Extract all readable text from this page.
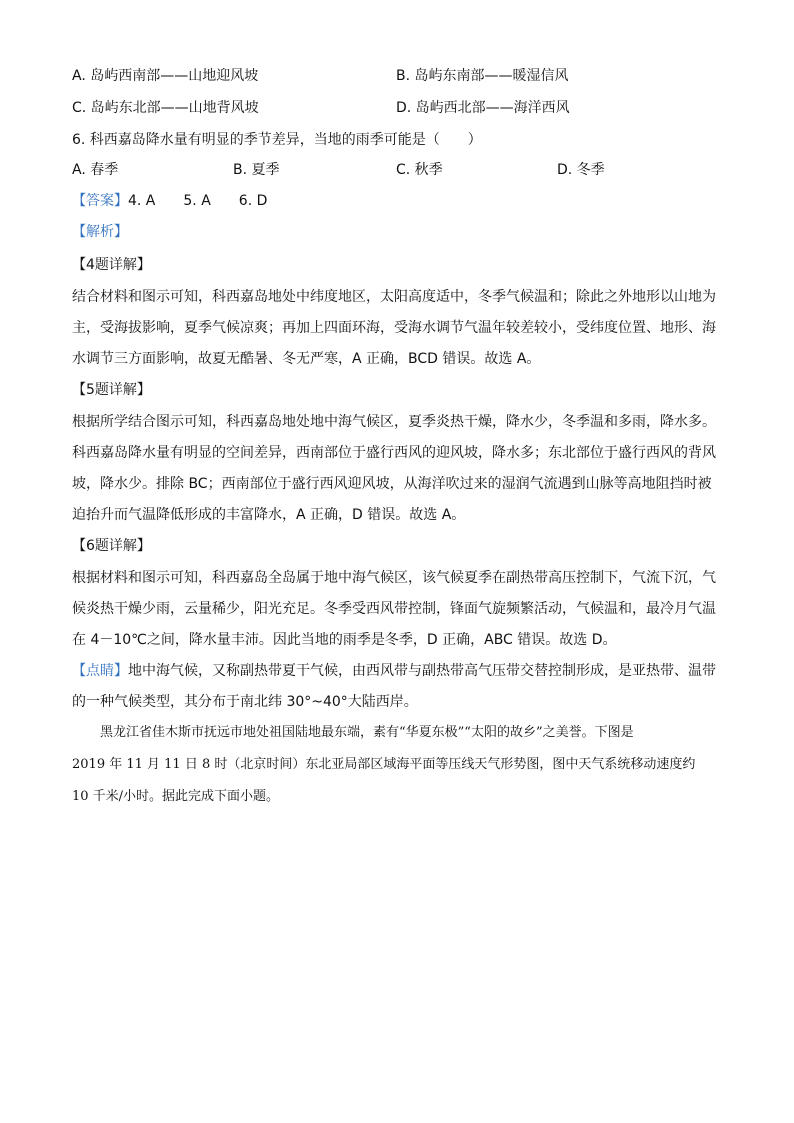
A. 岛屿西南部——山地迎风坡	B. 岛屿东南部——暖湿信风
C. 岛屿东北部——山地背风坡	D. 岛屿西北部——海洋西风
6. 科西嘉岛降水量有明显的季节差异，当地的雨季可能是（　　）
A. 春季	B. 夏季	C. 秋季	D. 冬季
【答案】4. A 5. A 6. D
【解析】
【4题详解】
结合材料和图示可知，科西嘉岛地处中纬度地区，太阳高度适中，冬季气候温和；除此之外地形以山地为
主，受海拔影响，夏季气候凉爽；再加上四面环海，受海水调节气温年较差较小，受纬度位置、地形、海
水调节三方面影响，故夏无酷暑、冬无严寒，A 正确，BCD 错误。故选 A。
【5题详解】
根据所学结合图示可知，科西嘉岛地处地中海气候区，夏季炎热干燥，降水少，冬季温和多雨，降水多。
科西嘉岛降水量有明显的空间差异，西南部位于盛行西风的迎风坡，降水多；东北部位于盛行西风的背风
坡，降水少。排除 BC；西南部位于盛行西风迎风坡，从海洋吹过来的湿润气流遇到山脉等高地阻挡时被
迫抬升而气温降低形成的丰富降水，A 正确，D 错误。故选 A。
【6题详解】
根据材料和图示可知，科西嘉岛全岛属于地中海气候区，该气候夏季在副热带高压控制下，气流下沉，气
候炎热干燥少雨，云量稀少，阳光充足。冬季受西风带控制，锋面气旋频繁活动，气候温和，最冷月气温
在 4－10℃之间，降水量丰沛。因此当地的雨季是冬季，D 正确，ABC 错误。故选 D。
【点睛】地中海气候，又称副热带夏干气候，由西风带与副热带高气压带交替控制形成，是亚热带、温带
的一种气候类型，其分布于南北纬 30°~40°大陆西岸。
黑龙江省佳木斯市抚远市地处祖国陆地最东端，素有“华夏东极”“太阳的故乡”之美誉。下图是
2019 年 11 月 11 日 8 时（北京时间）东北亚局部区域海平面等压线天气形势图，图中天气系统移动速度约
10 千米/小时。据此完成下面小题。
